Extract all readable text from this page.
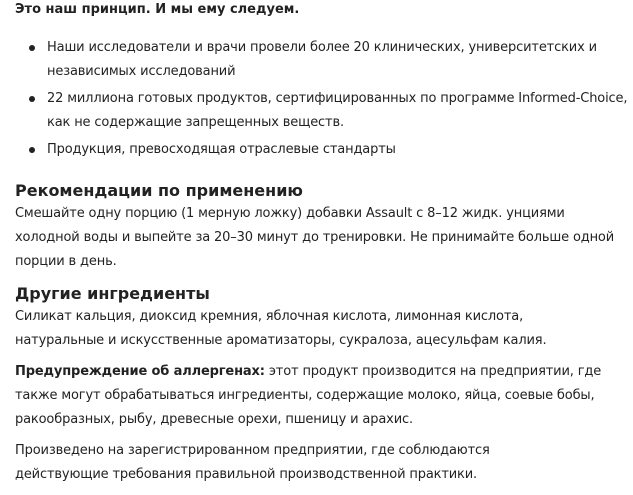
Это наш принцип. И мы ему следуем.
Наши исследователи и врачи провели более 20 клинических, университетских и независимых исследований
22 миллиона готовых продуктов, сертифицированных по программе Informed-Choice, как не содержащие запрещенных веществ.
Продукция, превосходящая отраслевые стандарты
Рекомендации по применению

Смешайте одну порцию (1 мерную ложку) добавки Assault с 8–12 жидк. унциями холодной воды и выпейте за 20–30 минут до тренировки. Не принимайте больше одной порции в день.

Другие ингредиенты

Силикат кальция, диоксид кремния, яблочная кислота, лимонная кислота, натуральные и искусственные ароматизаторы, сукралоза, ацесульфам калия.

Предупреждение об аллергенах: этот продукт производится на предприятии, где также могут обрабатываться ингредиенты, содержащие молоко, яйца, соевые бобы, ракообразных, рыбу, древесные орехи, пшеницу и арахис.

Произведено на зарегистрированном предприятии, где соблюдаются действующие требования правильной производственной практики.
